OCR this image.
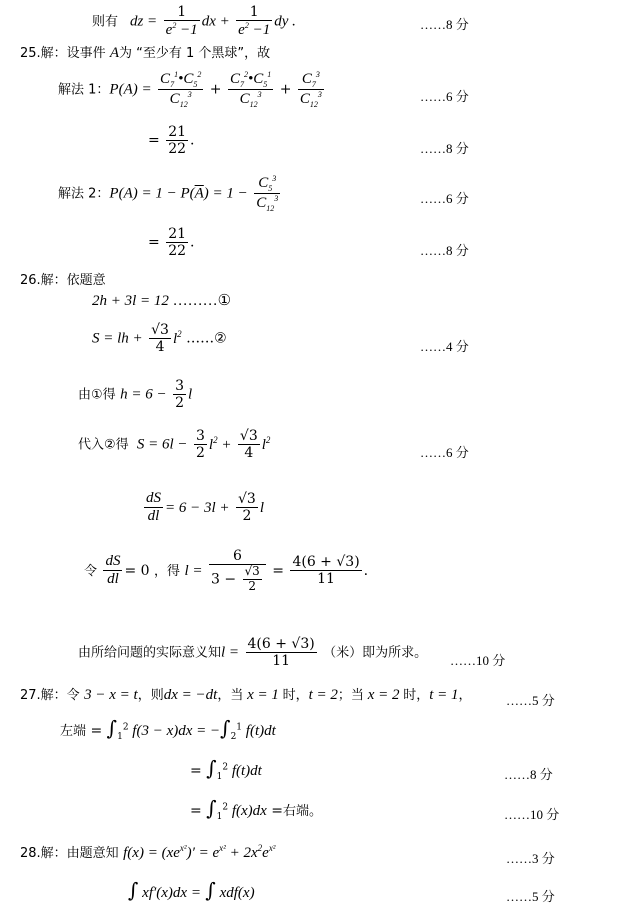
则有   dz = $\frac{1}{e^2 -1}$ dx + $\frac{1}{e^2 -1}$ dy .	……8 分
25.解：设事件 A为 “至少有 1 个黑球”，故
解法 1：$P(A) = \frac{C_7^1•C_5^2}{C_{12}^3} + \frac{C_7^2•C_5^1}{C_{12}^3} + \frac{C_7^3}{C_{12}^3}$	……6 分
= $\frac{21}{22}$ .	……8 分
解法 2：$P(A) = 1 - P(\overline{A}) = 1 - \frac{C_5^3}{C_{12}^3}$	……6 分
= $\frac{21}{22}$ .	……8 分
26.解：依题意
2h + 3l = 12 ………①
S = lh + $\frac{√3}{4} l^2$ ……②	……4 分
由①得 $h = 6 - \frac{3}{2}$ l
代入②得  $S = 6l - \frac{3}{2} l^2 + \frac{√3}{4} l^2$
……6 分
$\frac{dS}{dl} = 6 - 3l + \frac{√3}{2}$ l
令 $\frac{dS}{dl} = 0$ ，得 $l = \frac{6}{3 - \frac{√3}{2}} = \frac{4(6 + √3)}{11}$ .
由所给问题的实际意义知$l = \frac{4(6 + √3)}{11}$ （米）即为所求。 ……10 分
27.解：令 3 − x = t，则dx = −dt，当 x = 1 时，t = 2；当 x = 2 时，t = 1，	……5 分
左端 = $\int_1^2$ $f(3 - x)dx = -\int_2^1$ f(t)dt
= $\int_1^2$ f(t)dt	……8 分
= $\int_1^2$ f(x)dx =右端。	……10 分
28.解：由题意知 $f(x) = (xe^{x^2})' = e^{x^2} + 2x^2e^{x^2}$
……3 分
∫ xf′(x)dx = ∫ xdf(x)	……5 分
